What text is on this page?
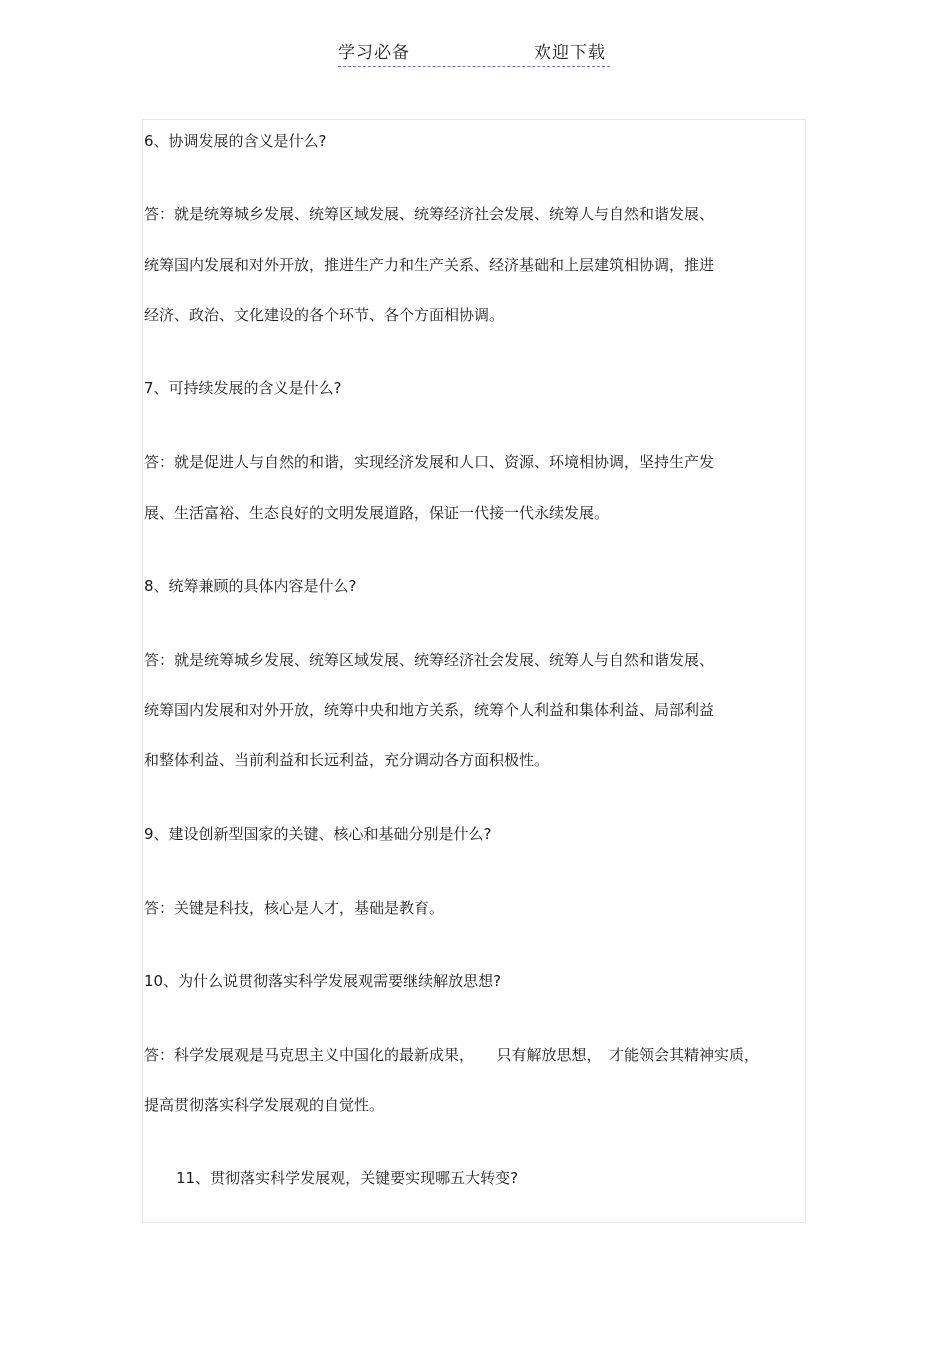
学习必备	欢迎下载
6、协调发展的含义是什么?
答：就是统筹城乡发展、统筹区域发展、统筹经济社会发展、统筹人与自然和谐发展、
统筹国内发展和对外开放，推进生产力和生产关系、经济基础和上层建筑相协调，推进
经济、政治、文化建设的各个环节、各个方面相协调。
7、可持续发展的含义是什么?
答：就是促进人与自然的和谐，实现经济发展和人口、资源、环境相协调，坚持生产发
展、生活富裕、生态良好的文明发展道路，保证一代接一代永续发展。
8、统筹兼顾的具体内容是什么?
答：就是统筹城乡发展、统筹区域发展、统筹经济社会发展、统筹人与自然和谐发展、
统筹国内发展和对外开放，统筹中央和地方关系，统筹个人利益和集体利益、局部利益
和整体利益、当前利益和长远利益，充分调动各方面积极性。
9、建设创新型国家的关键、核心和基础分别是什么?
答：关键是科技，核心是人才，基础是教育。
10、为什么说贯彻落实科学发展观需要继续解放思想?
答：科学发展观是马克思主义中国化的最新成果，　　只有解放思想，　才能领会其精神实质，
提高贯彻落实科学发展观的自觉性。
11、贯彻落实科学发展观，关键要实现哪五大转变?
